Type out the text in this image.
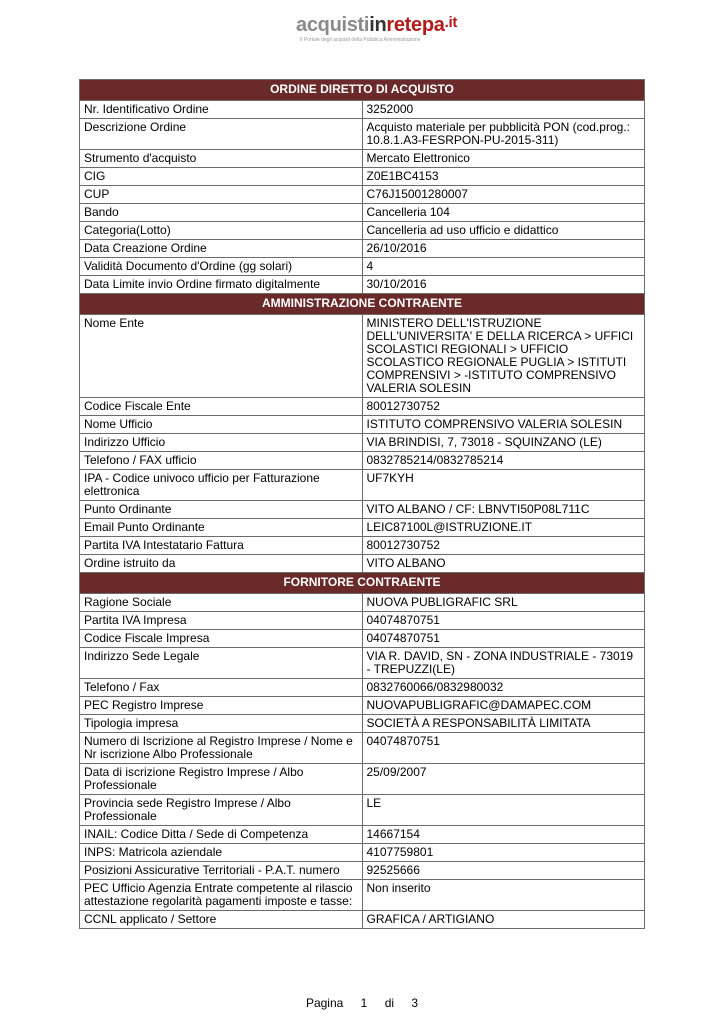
acquistiinretepa$^{.it}$
Il Portale degli acquisti della Pubblica Amministrazione
ORDINE DIRETTO DI ACQUISTO	
Nr. Identificativo Ordine	3252000
Descrizione Ordine	Acquisto materiale per pubblicità PON (cod.prog.: 10.8.1.A3-FESRPON-PU-2015-311)
Strumento d'acquisto	Mercato Elettronico
CIG	Z0E1BC4153
CUP	C76J15001280007
Bando	Cancelleria 104
Categoria(Lotto)	Cancelleria ad uso ufficio e didattico
Data Creazione Ordine	26/10/2016
Validità Documento d'Ordine (gg solari)	4
Data Limite invio Ordine firmato digitalmente	30/10/2016
AMMINISTRAZIONE CONTRAENTE	
Nome Ente	MINISTERO DELL'ISTRUZIONE DELL'UNIVERSITA' E DELLA RICERCA > UFFICI SCOLASTICI REGIONALI > UFFICIO SCOLASTICO REGIONALE PUGLIA > ISTITUTI COMPRENSIVI > -ISTITUTO COMPRENSIVO VALERIA SOLESIN
Codice Fiscale Ente	80012730752
Nome Ufficio	ISTITUTO COMPRENSIVO VALERIA SOLESIN
Indirizzo Ufficio	VIA BRINDISI, 7, 73018 - SQUINZANO (LE)
Telefono / FAX ufficio	0832785214/0832785214
IPA - Codice univoco ufficio per Fatturazione elettronica	UF7KYH
Punto Ordinante	VITO ALBANO / CF: LBNVTI50P08L711C
Email Punto Ordinante	LEIC87100L@ISTRUZIONE.IT
Partita IVA Intestatario Fattura	80012730752
Ordine istruito da	VITO ALBANO
FORNITORE CONTRAENTE	
Ragione Sociale	NUOVA PUBLIGRAFIC SRL
Partita IVA Impresa	04074870751
Codice Fiscale Impresa	04074870751
Indirizzo Sede Legale	VIA R. DAVID, SN - ZONA INDUSTRIALE - 73019 - TREPUZZI(LE)
Telefono / Fax	0832760066/0832980032
PEC Registro Imprese	NUOVAPUBLIGRAFIC@DAMAPEC.COM
Tipologia impresa	SOCIETÀ A RESPONSABILITÀ LIMITATA
Numero di Iscrizione al Registro Imprese / Nome e Nr iscrizione Albo Professionale	04074870751
Data di iscrizione Registro Imprese / Albo Professionale	25/09/2007
Provincia sede Registro Imprese / Albo Professionale	LE
INAIL: Codice Ditta / Sede di Competenza	14667154
INPS: Matricola aziendale	4107759801
Posizioni Assicurative Territoriali - P.A.T. numero	92525666
PEC Ufficio Agenzia Entrate competente al rilascio attestazione regolarità pagamenti imposte e tasse:	Non inserito
CCNL applicato / Settore	GRAFICA / ARTIGIANO
Pagina 1 di 3
